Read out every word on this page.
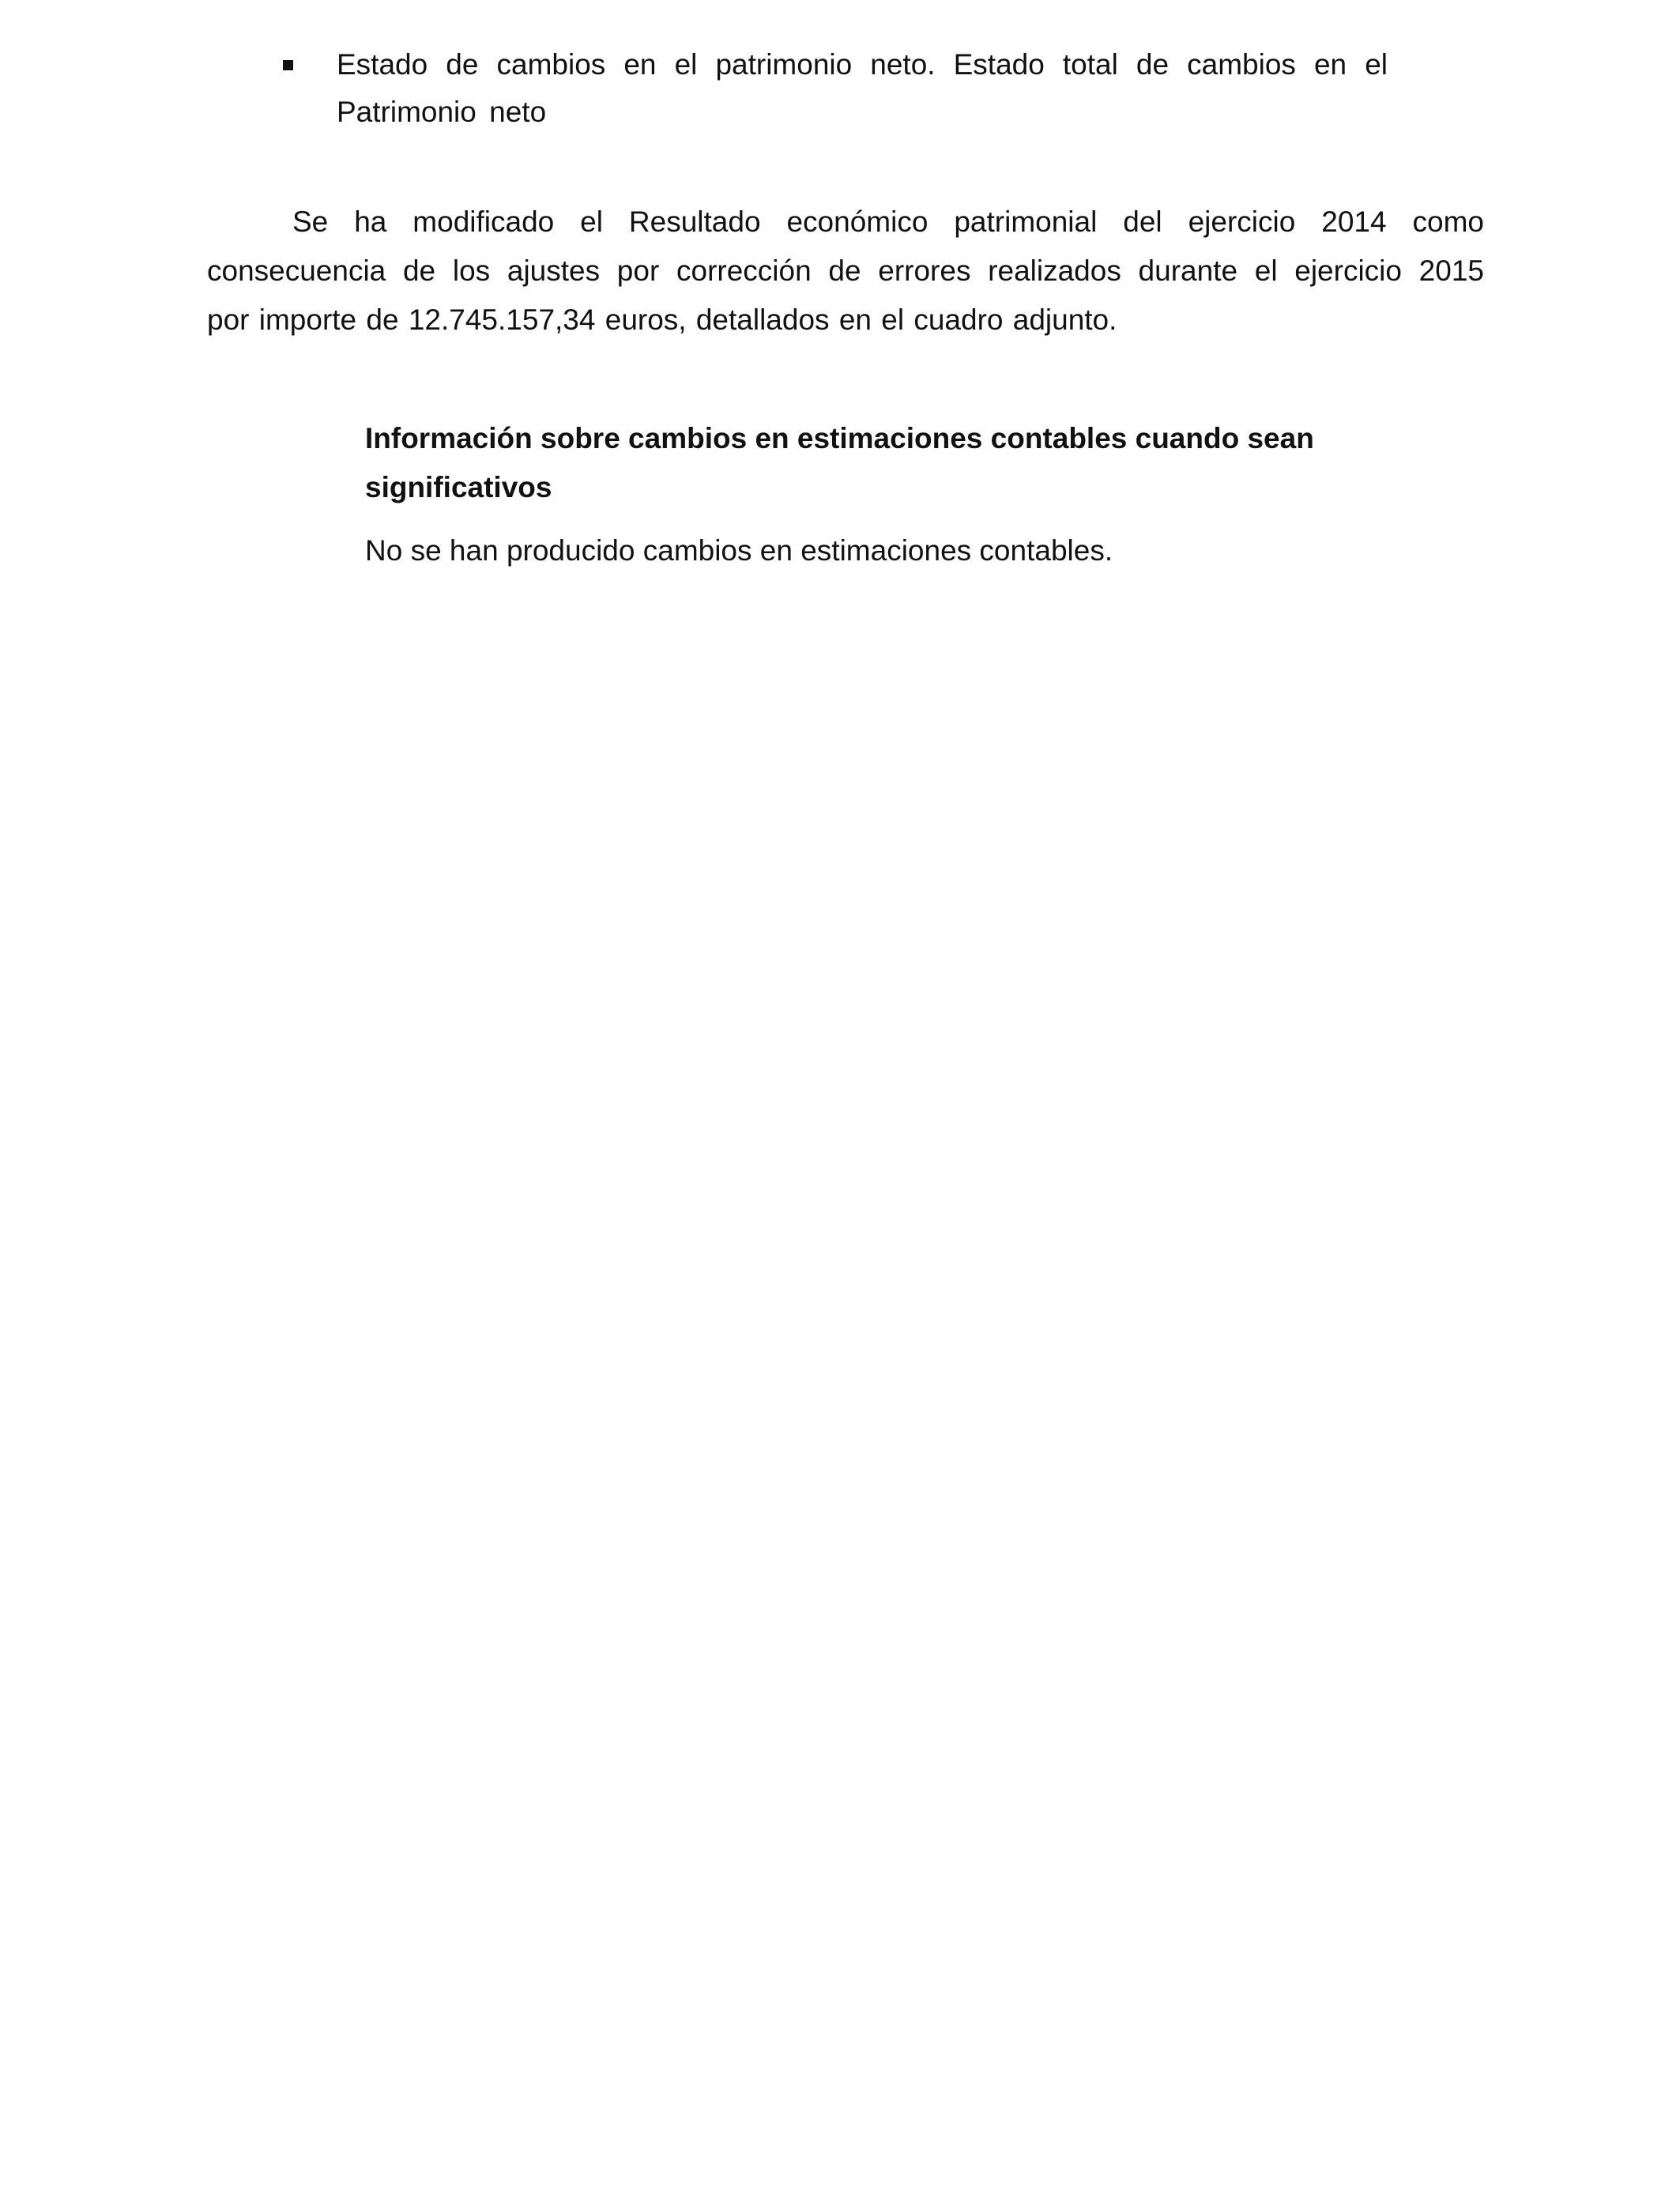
Estado de cambios en el patrimonio neto. Estado total de cambios en el
Patrimonio neto
Se ha modificado el Resultado económico patrimonial del ejercicio 2014 como
consecuencia de los ajustes por corrección de errores realizados durante el ejercicio 2015
por importe de 12.745.157,34 euros, detallados en el cuadro adjunto.
Información sobre cambios en estimaciones contables cuando sean
significativos

No se han producido cambios en estimaciones contables.
